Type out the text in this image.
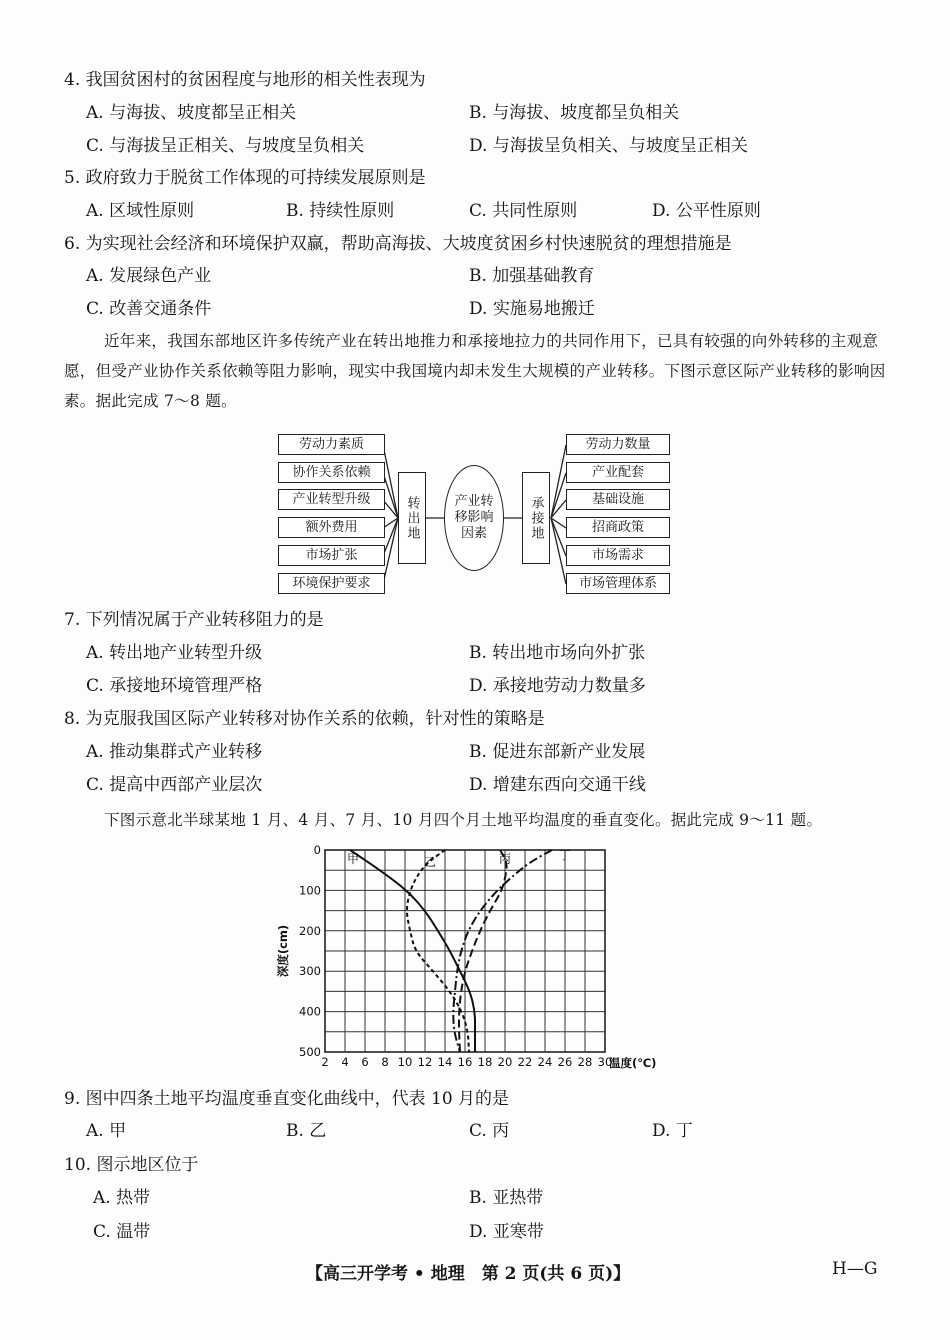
4. 我国贫困村的贫困程度与地形的相关性表现为
A. 与海拔、坡度都呈正相关	B. 与海拔、坡度都呈负相关
C. 与海拔呈正相关、与坡度呈负相关	D. 与海拔呈负相关、与坡度呈正相关
5. 政府致力于脱贫工作体现的可持续发展原则是
A. 区域性原则	B. 持续性原则	C. 共同性原则	D. 公平性原则
6. 为实现社会经济和环境保护双赢，帮助高海拔、大坡度贫困乡村快速脱贫的理想措施是
A. 发展绿色产业	B. 加强基础教育
C. 改善交通条件	D. 实施易地搬迁
近年来，我国东部地区许多传统产业在转出地推力和承接地拉力的共同作用下，已具有较强的向外转移的主观意愿，但受产业协作关系依赖等阻力影响，现实中我国境内却未发生大规模的产业转移。下图示意区际产业转移的影响因素。据此完成 7～8 题。
劳动力素质
协作关系依赖
产业转型升级
额外费用
市场扩张
环境保护要求
转出地	产业转移影响因素	承接地
劳动力数量
产业配套
基础设施
招商政策
市场需求
市场管理体系
7. 下列情况属于产业转移阻力的是
A. 转出地产业转型升级	B. 转出地市场向外扩张
C. 承接地环境管理严格	D. 承接地劳动力数量多
8. 为克服我国区际产业转移对协作关系的依赖，针对性的策略是
A. 推动集群式产业转移	B. 促进东部新产业发展
C. 提高中西部产业层次	D. 增建东西向交通干线
下图示意北半球某地 1 月、4 月、7 月、10 月四个月土地平均温度的垂直变化。据此完成 9～11 题。
2 4 6 8 10 12 14 16 18 20 22 24 26 28 30
0
100
200
300
400
500
温度(℃)
深度(cm)
甲	乙	丙	丁
9. 图中四条土地平均温度垂直变化曲线中，代表 10 月的是
A. 甲	B. 乙	C. 丙	D. 丁
10. 图示地区位于
A. 热带	B. 亚热带
C. 温带	D. 亚寒带
【高三开学考 • 地理　第 2 页(共 6 页)】	H—G
